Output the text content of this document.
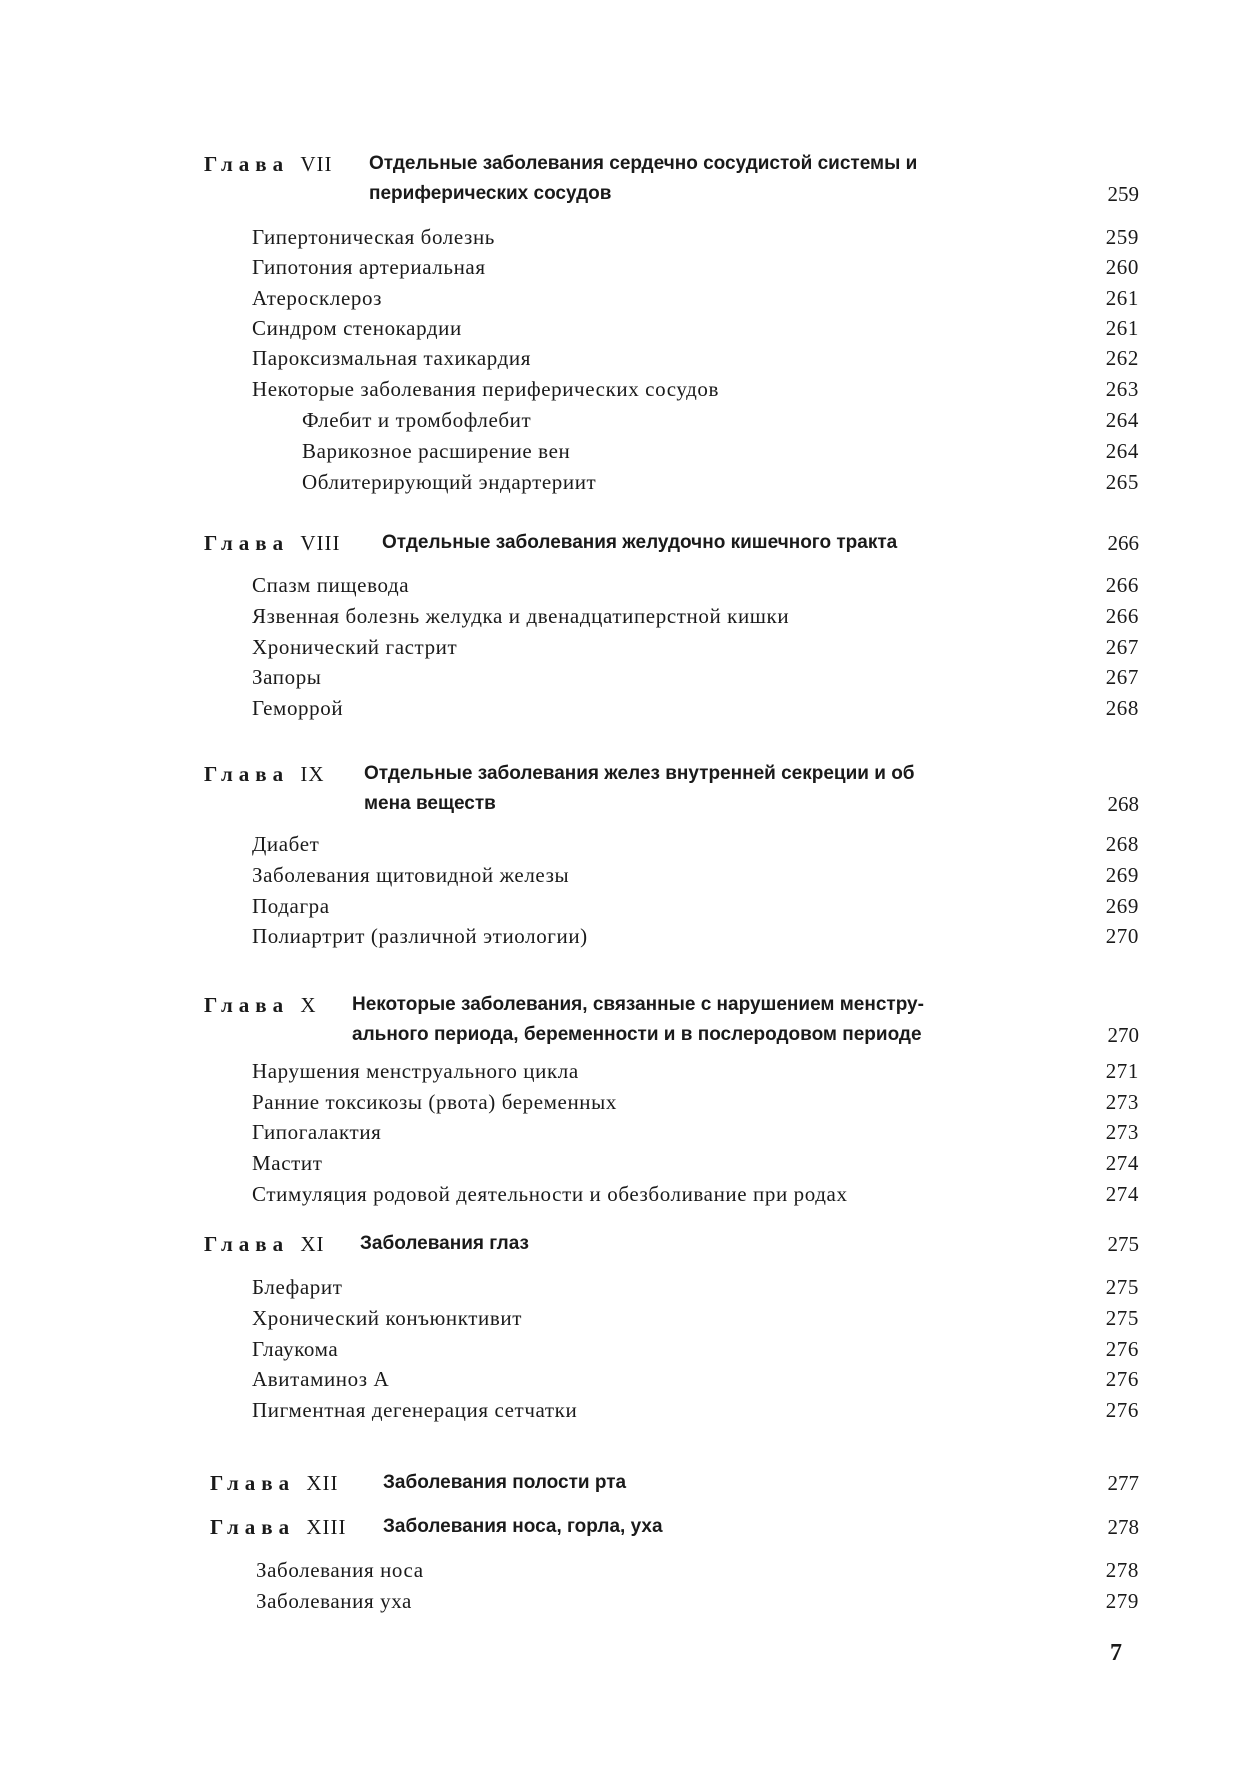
Глава VII Отдельные заболевания сердечно сосудистой системы и
периферических сосудов	259
Гипертоническая болезнь	259
Гипотония артериальная	260
Атеросклероз	261
Синдром стенокардии	261
Пароксизмальная тахикардия	262
Некоторые заболевания периферических сосудов	263
Флебит и тромбофлебит	264
Варикозное расширение вен	264
Облитерирующий эндартериит	265
Глава VIII Отдельные заболевания желудочно кишечного тракта	266
Спазм пищевода	266
Язвенная болезнь желудка и двенадцатиперстной кишки	266
Хронический гастрит	267
Запоры	267
Геморрой	268
Глава IX Отдельные заболевания желез внутренней секреции и об
мена веществ	268
Диабет	268
Заболевания щитовидной железы	269
Подагра	269
Полиартрит (различной этиологии)	270
Глава X Некоторые заболевания, связанные с нарушением менстру-
ального периода, беременности и в послеродовом периоде	270
Нарушения менструального цикла	271
Ранние токсикозы (рвота) беременных	273
Гипогалактия	273
Мастит	274
Стимуляция родовой деятельности и обезболивание при родах	274
Глава XI Заболевания глаз	275
Блефарит	275
Хронический конъюнктивит	275
Глаукома	276
Авитаминоз А	276
Пигментная дегенерация сетчатки	276
Глава XII Заболевания полости рта	277
Глава XIII Заболевания носа, горла, уха	278
Заболевания носа	278
Заболевания уха	279
7
